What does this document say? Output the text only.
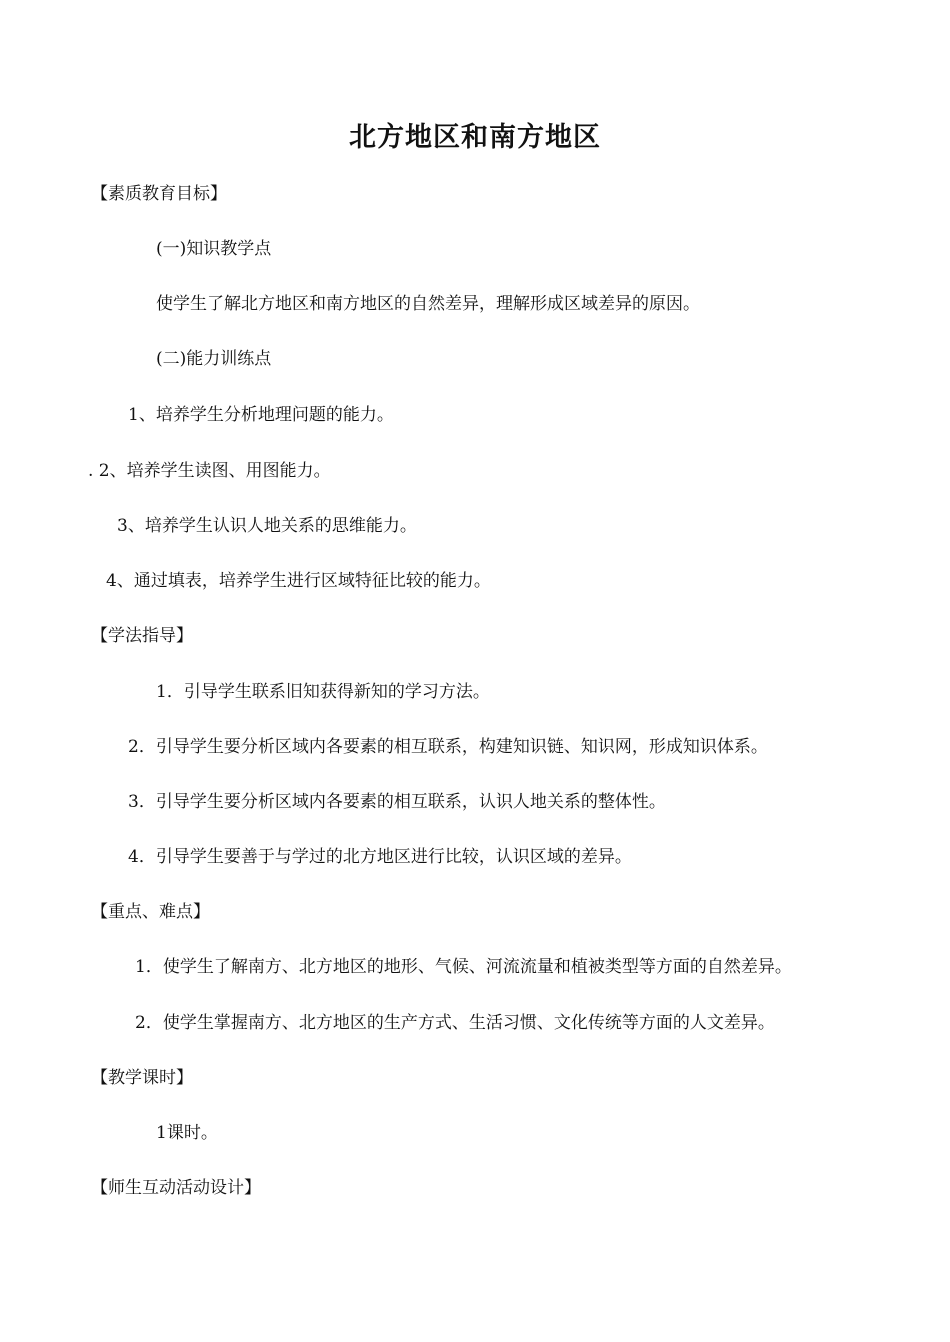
北方地区和南方地区
【素质教育目标】
(一)知识教学点
使学生了解北方地区和南方地区的自然差异，理解形成区域差异的原因。
(二)能力训练点
1、培养学生分析地理问题的能力。
. 2、培养学生读图、用图能力。
3、培养学生认识人地关系的思维能力。
4、通过填表，培养学生进行区域特征比较的能力。
【学法指导】
1．引导学生联系旧知获得新知的学习方法。
2．引导学生要分析区域内各要素的相互联系，构建知识链、知识网，形成知识体系。
3．引导学生要分析区域内各要素的相互联系，认识人地关系的整体性。
4．引导学生要善于与学过的北方地区进行比较，认识区域的差异。
【重点、难点】
1．使学生了解南方、北方地区的地形、气候、河流流量和植被类型等方面的自然差异。
2．使学生掌握南方、北方地区的生产方式、生活习惯、文化传统等方面的人文差异。
【教学课时】
1课时。
【师生互动活动设计】
